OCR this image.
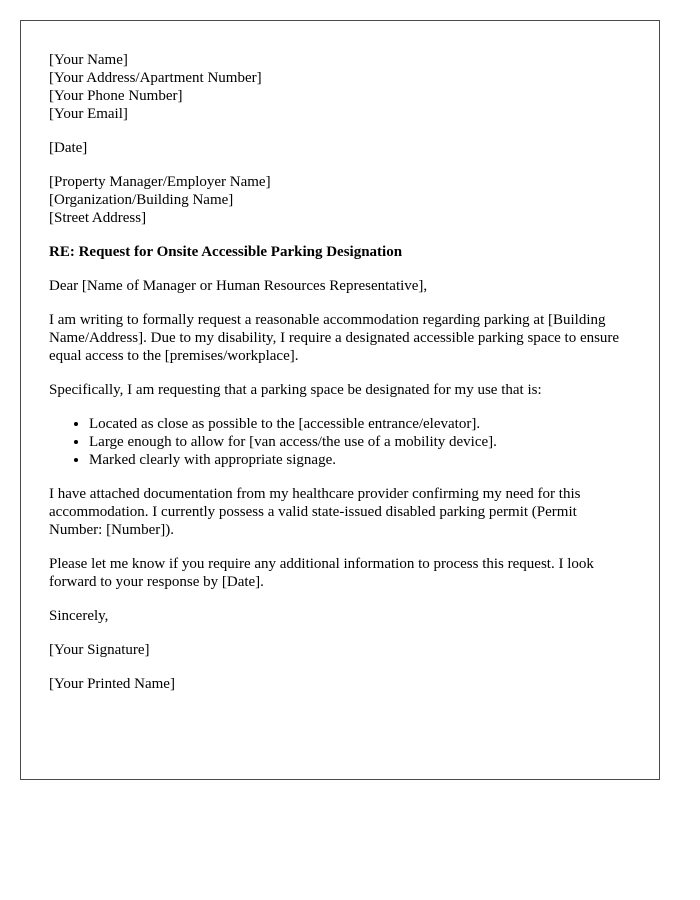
[Your Name]
[Your Address/Apartment Number]
[Your Phone Number]
[Your Email]
[Date]
[Property Manager/Employer Name]
[Organization/Building Name]
[Street Address]
RE: Request for Onsite Accessible Parking Designation

Dear [Name of Manager or Human Resources Representative],

I am writing to formally request a reasonable accommodation regarding parking at [Building Name/Address]. Due to my disability, I require a designated accessible parking space to ensure equal access to the [premises/workplace].

Specifically, I am requesting that a parking space be designated for my use that is:

• Located as close as possible to the [accessible entrance/elevator].
• Large enough to allow for [van access/the use of a mobility device].
• Marked clearly with appropriate signage.

I have attached documentation from my healthcare provider confirming my need for this accommodation. I currently possess a valid state-issued disabled parking permit (Permit Number: [Number]).

Please let me know if you require any additional information to process this request. I look forward to your response by [Date].

Sincerely,

[Your Signature]

[Your Printed Name]
